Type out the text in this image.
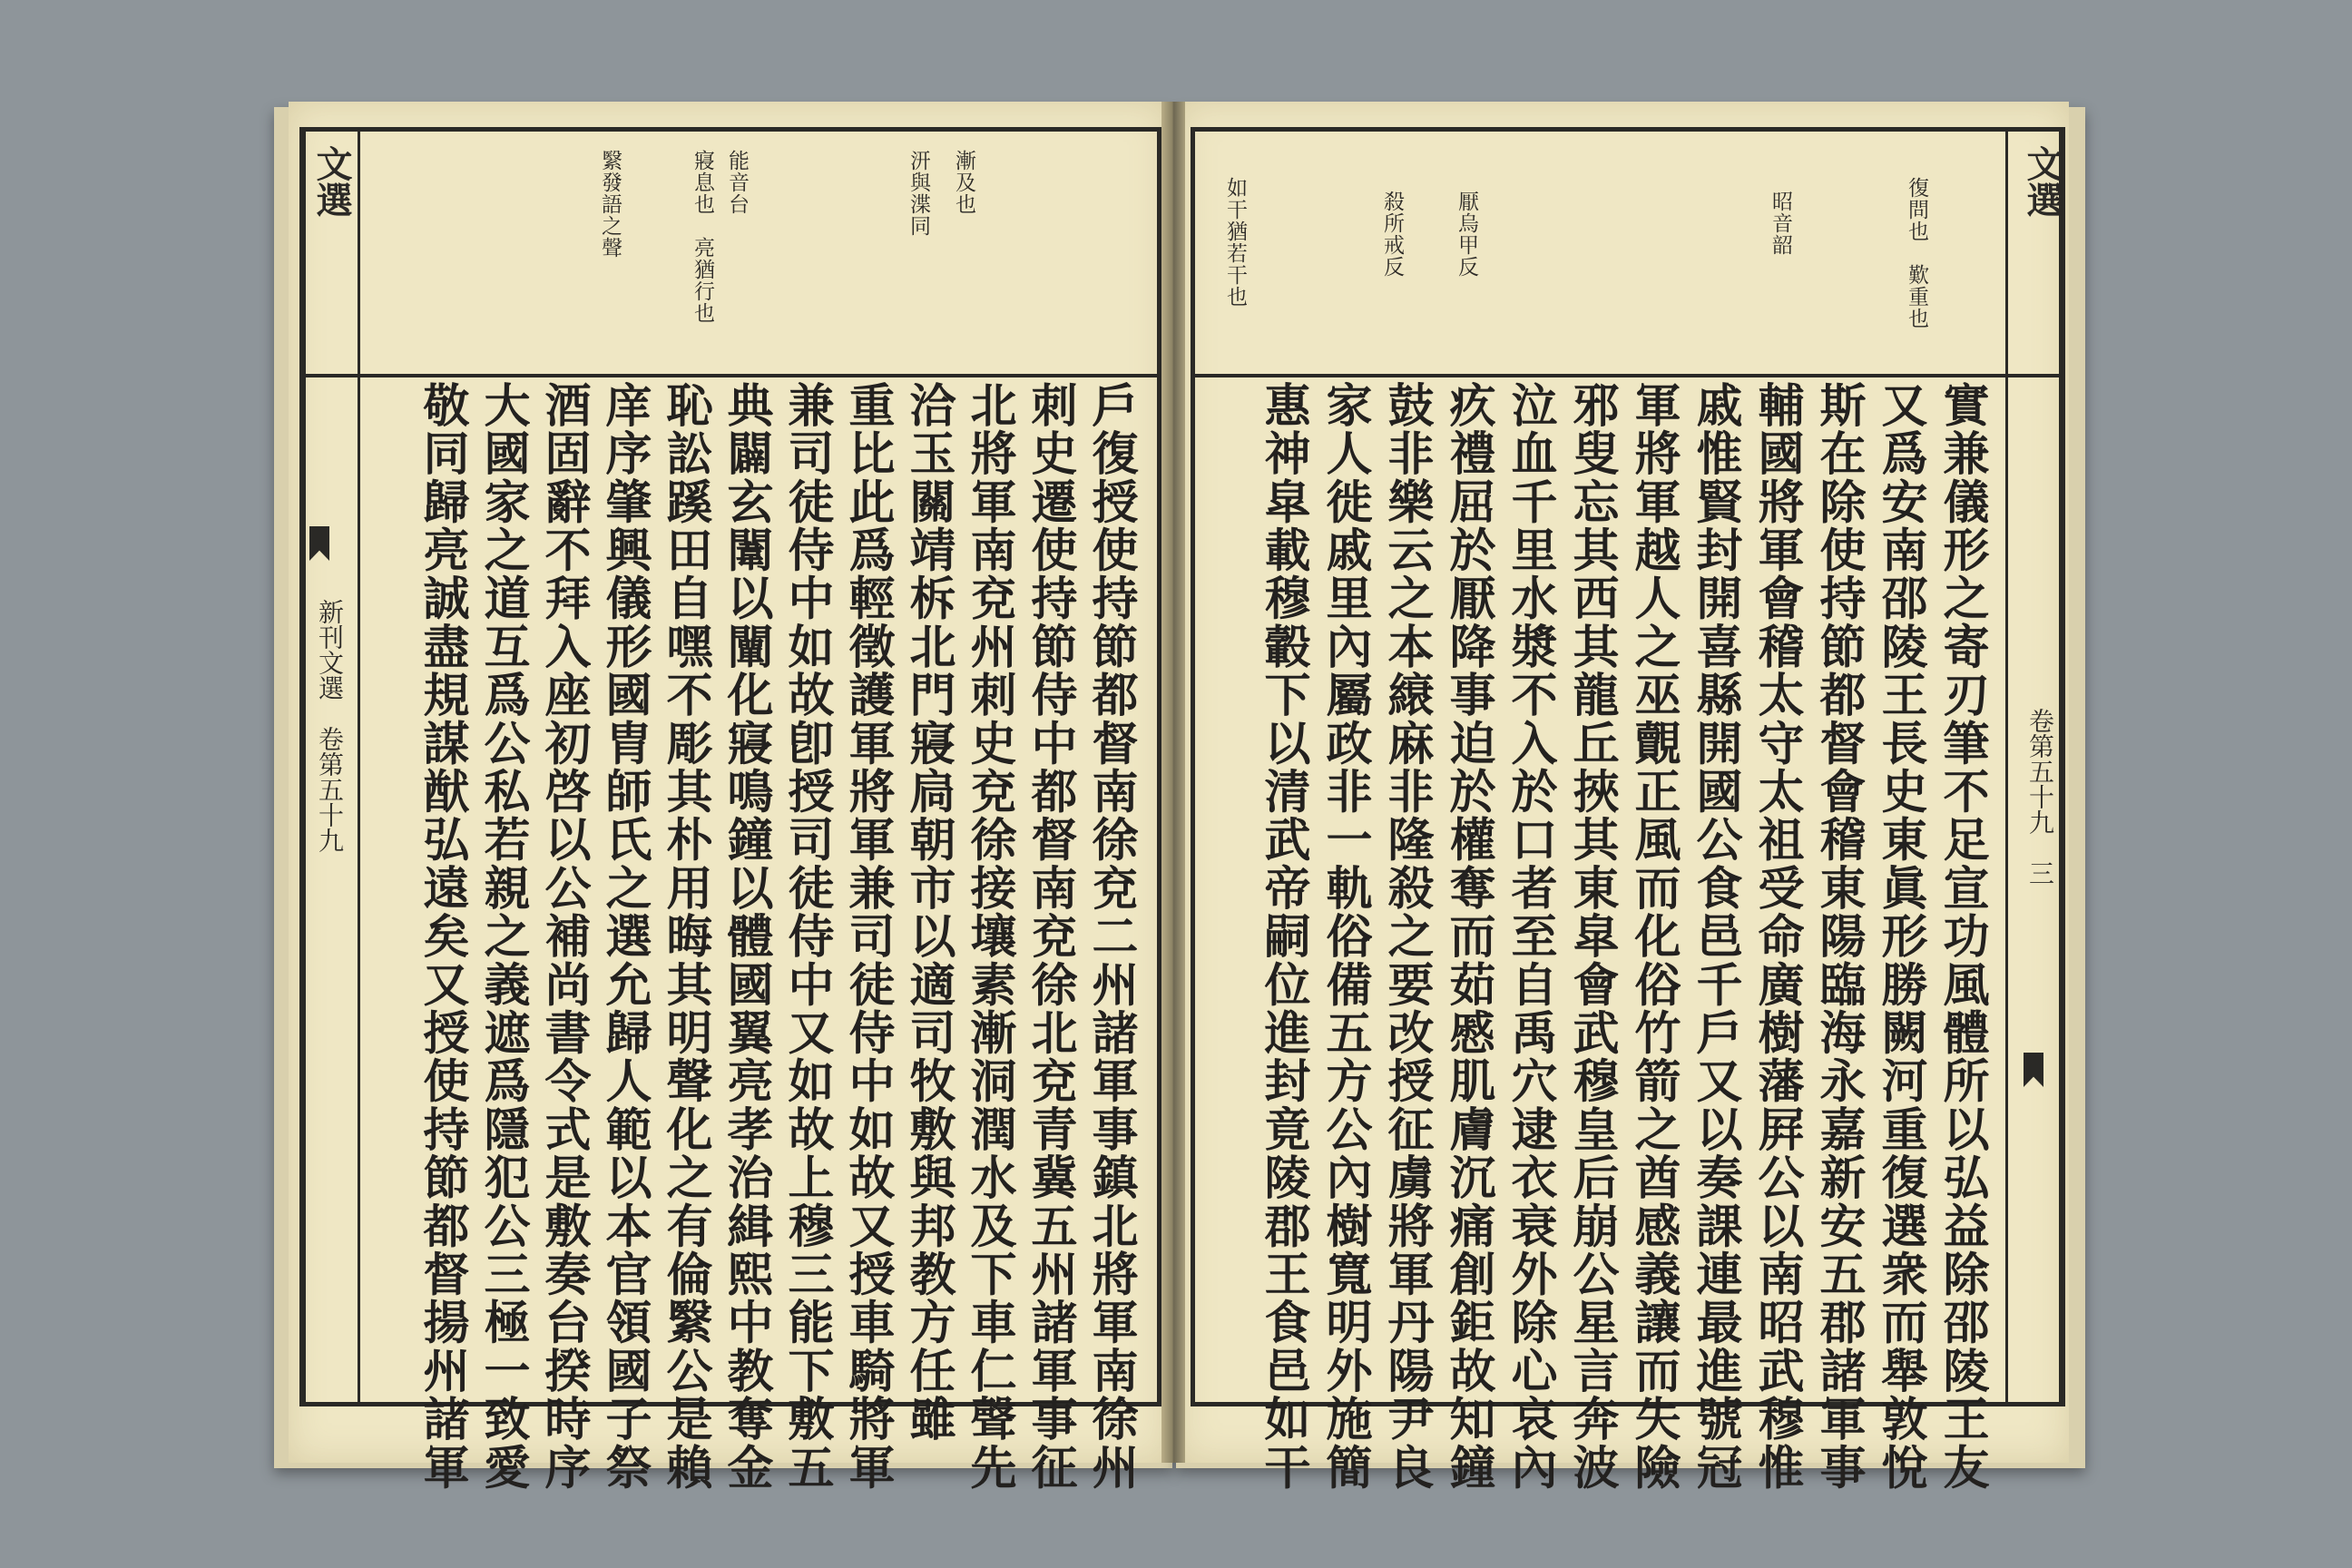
文選
新刊文選　卷第五十九
文選
卷第五十九　三
漸及也
汧與渫同
能音台
寢息也　亮猶行也
繄發語之聲	復問也　歎重也
昭音韶
厭烏甲反
殺所戒反
如干猶若干也
戶復授使持節都督南徐兗二州諸軍事鎮北將軍南徐州
刺史遷使持節侍中都督南兗徐北兗青冀五州諸軍事征
北將軍南兗州刺史兗徐接壤素漸洞潤水及下車仁聲先
洽玉關靖柝北門寢扃朝市以適司牧敷與邦教方任雖
重比此爲輕徵護軍將軍兼司徒侍中如故又授車騎將軍
兼司徒侍中如故卽授司徒侍中又如故上穆三能下敷五
典闢玄闈以闡化寢鳴鐘以體國翼亮孝治緝熙中教奪金
恥訟蹊田自嘿不彫其朴用晦其明聲化之有倫繄公是賴
庠序肇興儀形國胄師氏之選允歸人範以本官領國子祭
酒固辭不拜入座初啓以公補尚書令式是敷奏台揆時序
大國家之道互爲公私若親之義遮爲隱犯公三極一致愛
敬同歸亮誠盡規謀猷弘遠矣又授使持節都督揚州諸軍	實兼儀形之寄刃筆不足宣功風體所以弘益除邵陵王友
又爲安南邵陵王長史東眞形勝闕河重復選衆而舉敦悅
斯在除使持節都督會稽東陽臨海永嘉新安五郡諸軍事
輔國將軍會稽太守太祖受命廣樹藩屛公以南昭武穆惟
戚惟賢封開喜縣開國公食邑千戶又以奏課連最進號冠
軍將軍越人之巫覿正風而化俗竹箭之酋感義讓而失險
邪叟忘其西其龍丘挾其東皐會武穆皇后崩公星言奔波
泣血千里水漿不入於口者至自禹穴逮衣衰外除心哀內
疚禮屈於厭降事迫於權奪而茹慼肌膚沉痛創鉅故知鐘
鼓非樂云之本縗麻非隆殺之要改授征虜將軍丹陽尹良
家人徙戚里內屬政非一軌俗備五方公內樹寬明外施簡
惠神皐載穆轂下以清武帝嗣位進封竟陵郡王食邑如干
